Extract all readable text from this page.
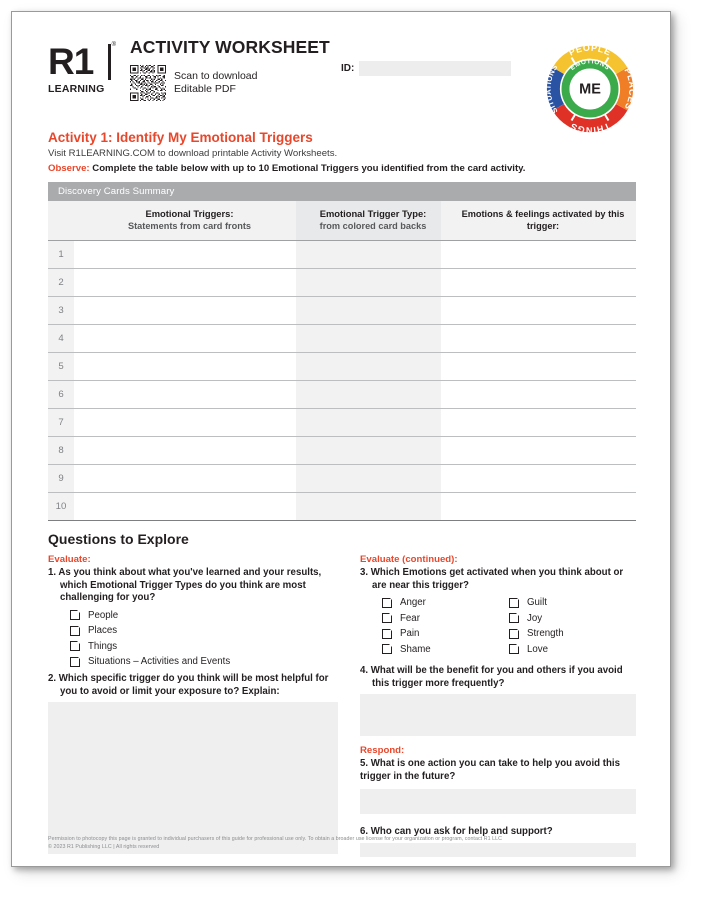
R1	®
LEARNING
ACTIVITY WORKSHEET
Scan to download
Editable PDF
ID:
PEOPLE
PLACES
THINGS
SITUATIONS EMOTIONS
ME
Activity 1: Identify My Emotional Triggers
Visit R1LEARNING.COM to download printable Activity Worksheets.
Observe: Complete the table below with up to 10 Emotional Triggers you identified from the card activity.
Discovery Cards Summary

Emotional Triggers:
Statements from card fronts

Emotional Trigger Type:
from colored card backs

Emotions & feelings activated by this trigger:

1			
2			
3			
4			
5			
6			
7			
8			
9			
10			
Questions to Explore
Evaluate:
1. As you think about what you've learned and your results, which Emotional Trigger Types do you think are most challenging for you?
People
Places
Things
Situations – Activities and Events
2. Which specific trigger do you think will be most helpful for you to avoid or limit your exposure to? Explain:
Evaluate (continued):
3. Which Emotions get activated when you think about or are near this trigger?
Anger
Fear
Pain
Shame
Guilt
Joy
Strength
Love
4. What will be the benefit for you and others if you avoid this trigger more frequently?
Respond:
5. What is one action you can take to help you avoid this trigger in the future?
6. Who can you ask for help and support?
Permission to photocopy this page is granted to individual purchasers of this guide for professional use only. To obtain a broader use license for your organization or program, contact R1 LLC
© 2023 R1 Publishing LLC | All rights reserved
